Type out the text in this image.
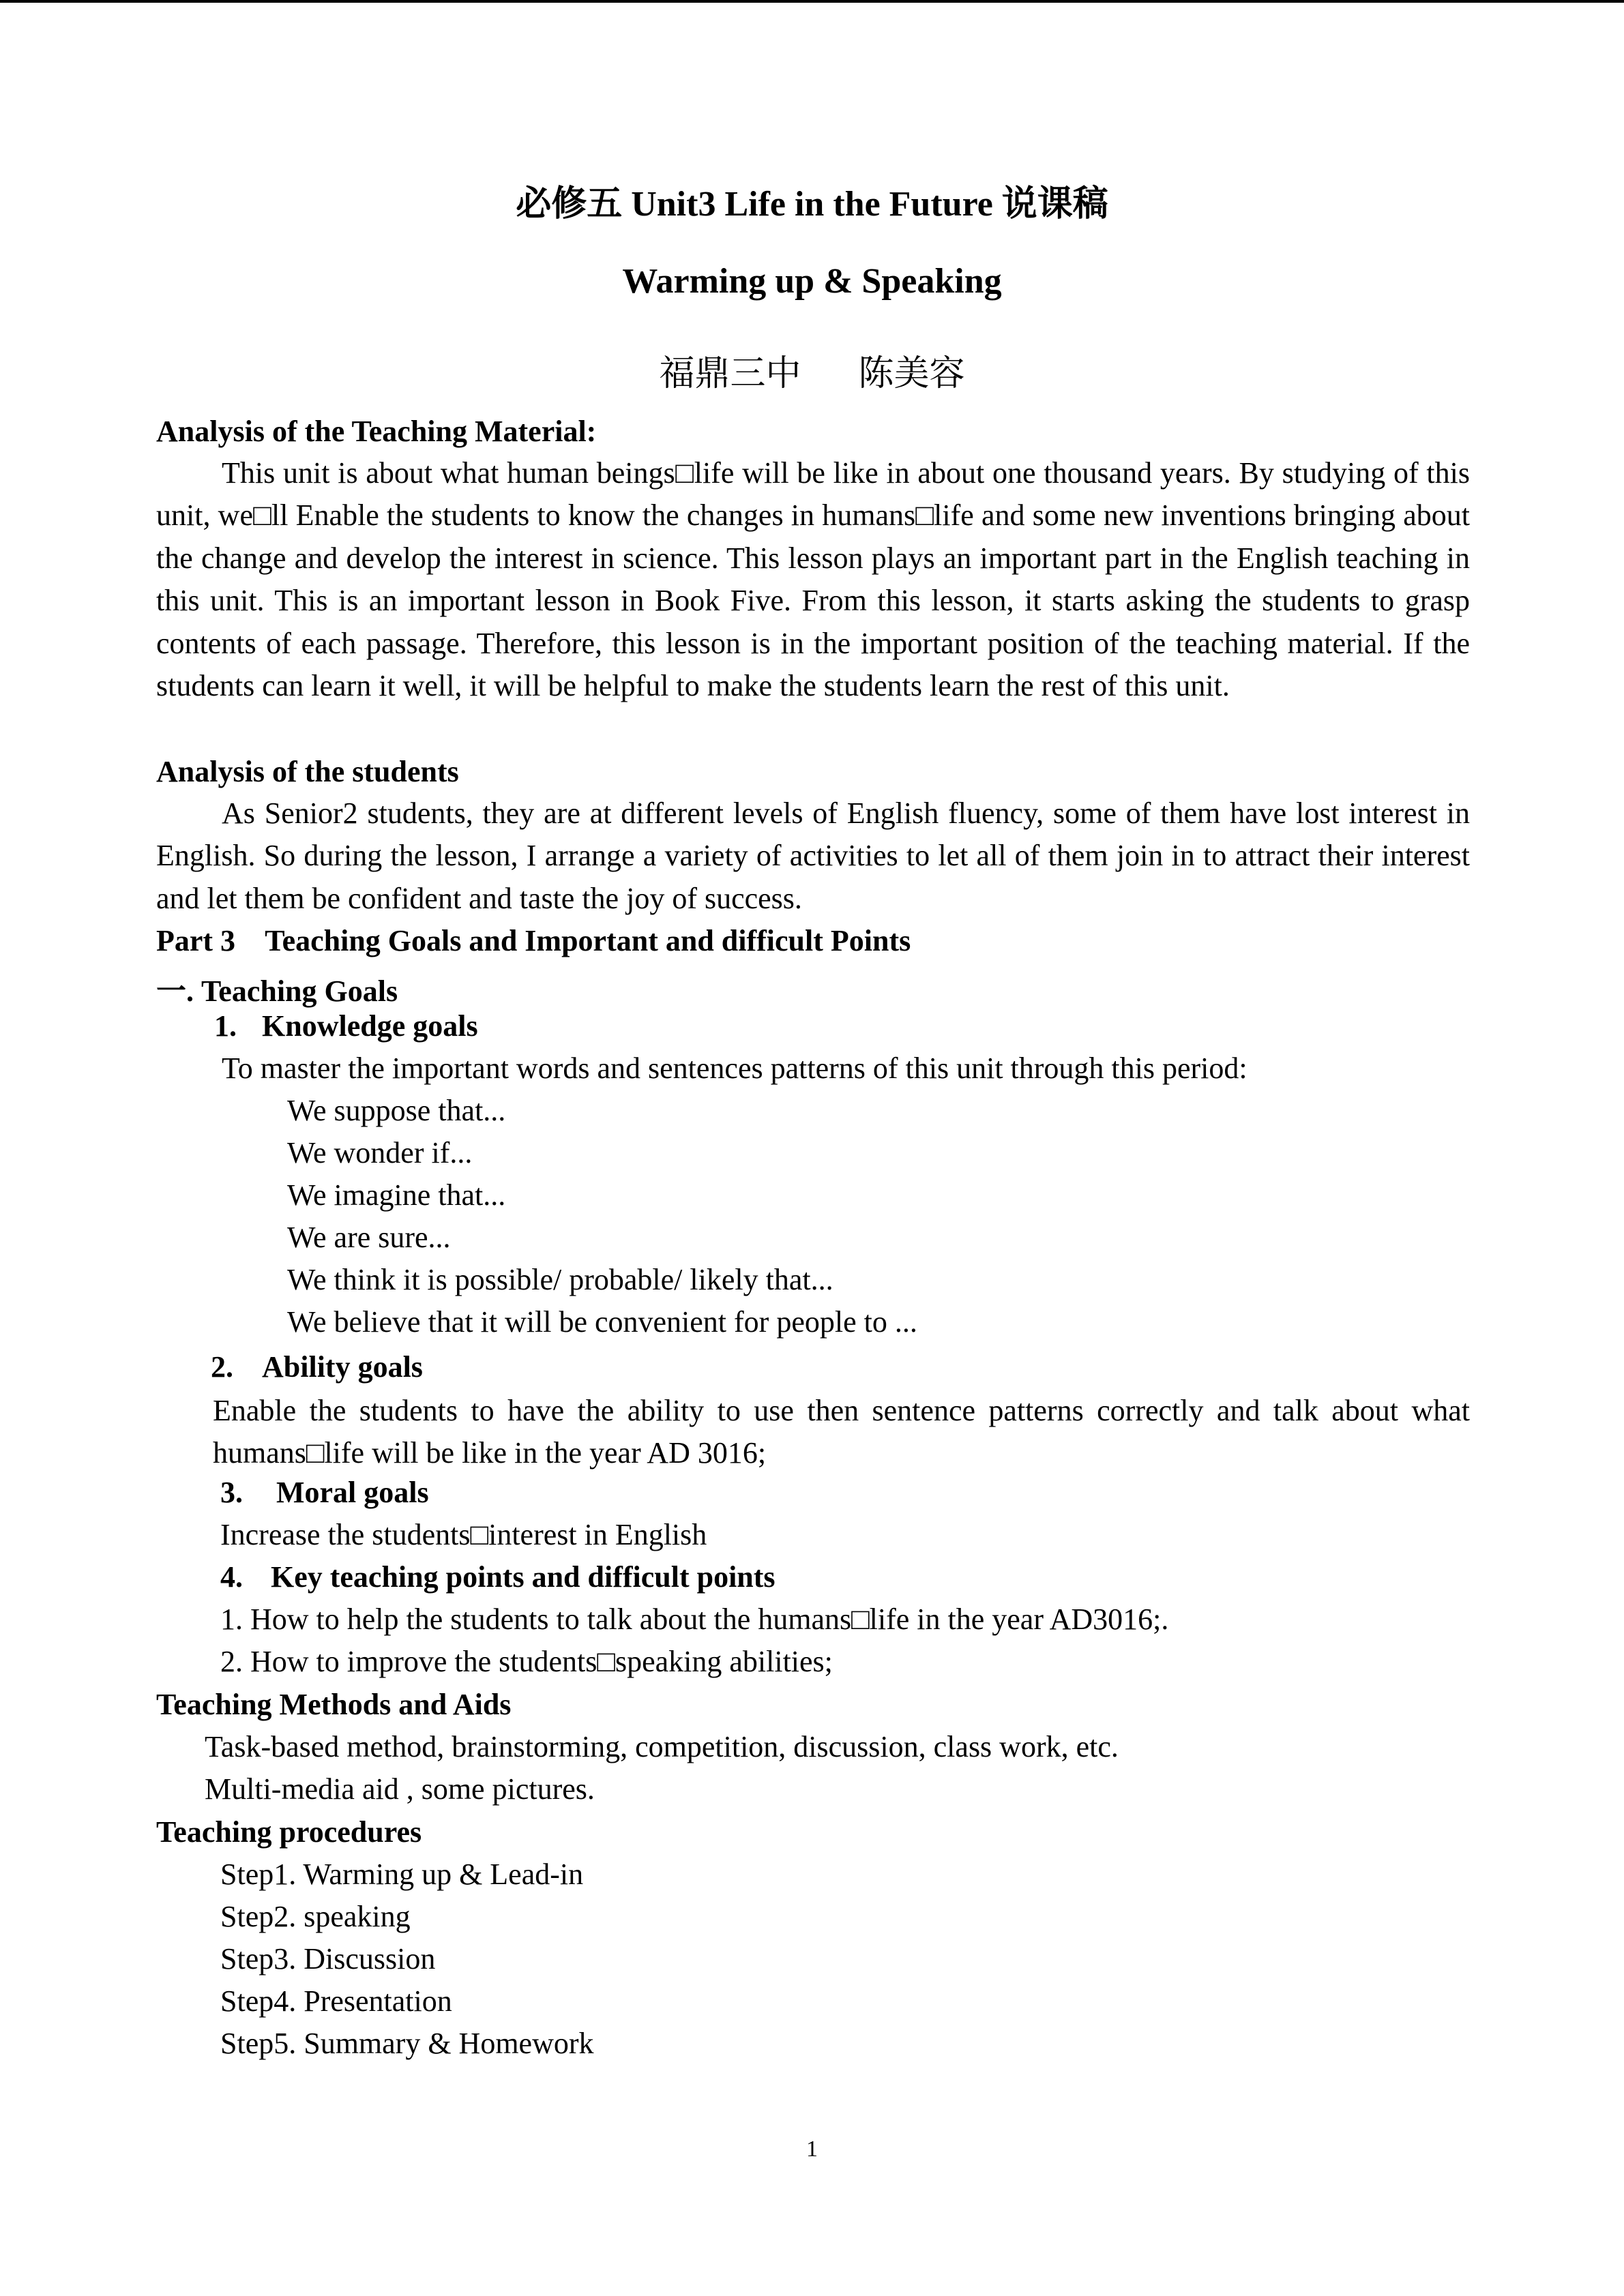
必修五 Unit3 Life in the Future 说课稿
Warming up & Speaking
福鼎三中 陈美容
Analysis of the Teaching Material:

This unit is about what human beings□life will be like in about one thousand years. By studying of this unit, we□ll Enable the students to know the changes in humans□life and some new inventions bringing about the change and develop the interest in science. This lesson plays an important part in the English teaching in this unit. This is an important lesson in Book Five. From this lesson, it starts asking the students to grasp contents of each passage. Therefore, this lesson is in the important position of the teaching material. If the students can learn it well, it will be helpful to make the students learn the rest of this unit.

Analysis of the students

As Senior2 students, they are at different levels of English fluency, some of them have lost interest in English. So during the lesson, I arrange a variety of activities to let all of them join in to attract their interest and let them be confident and taste the joy of success.

Part 3    Teaching Goals and Important and difficult Points
一. Teaching Goals
1. Knowledge goals
To master the important words and sentences patterns of this unit through this period:
We suppose that...
We wonder if...
We imagine that...
We are sure...
We think it is possible/ probable/ likely that...
We believe that it will be convenient for people to ...
2. Ability goals

Enable the students to have the ability to use then sentence patterns correctly and talk about what humans□life will be like in the year AD 3016;

3. Moral goals
Increase the students□interest in English
4. Key teaching points and difficult points
1. How to help the students to talk about the humans□life in the year AD3016;.
2. How to improve the students□speaking abilities;
Teaching Methods and Aids
Task-based method, brainstorming, competition, discussion, class work, etc.
Multi-media aid , some pictures.
Teaching procedures
Step1. Warming up & Lead-in
Step2. speaking
Step3. Discussion
Step4. Presentation
Step5. Summary & Homework
1
